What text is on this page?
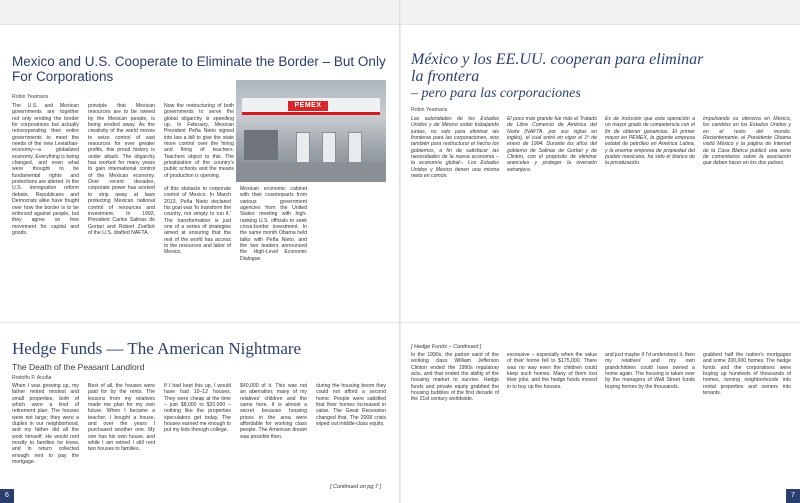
Mexico and U.S. Cooperate to Eliminate the Border – But Only For Corporations
Robin Yeamans
The U.S. and Mexican governments are together not only eroding the border for corporations but actually reincorporating their entire governments to meet the needs of the new Leviathan-economy—a globalized economy. Everything is being changed, and even what were thought to be fundamental rights and protections are altered. In the U.S. immigration reform debate, Republicans and Democrats alike have fought over how the border is to be enforced against people, but they agree on free movement for capital and goods.
principle that Mexican resources are to be owned by the Mexican people, is being eroded away. As the creativity of the world moves to seize control of vast resources for ever greater profits, this proud history is under attack. The oligarchy has worked for many years to gain international control of the Mexican economy. Over recent decades, corporate power has worked to strip away at laws protecting Mexican national control of resources and investment. In 1992, President Carlos Salinas de Gortari and Robert Zoellick of the U.S. drafted NAFTA.
Now the restructuring of both governments to serve the global oligarchy is speeding up. In February, Mexican President Peña Nieto signed into law a bill to give the state more control over the hiring and firing of teachers. Teachers object to this. The privatization of the country's public schools and the means of production is opening.
PEMEX
of this obstacle to corporate control of Mexico. In March 2013, Peña Nieto declared his goal was 'to transform the country, not simply to run it.' The transformation is just one of a series of strategies aimed at ensuring that the rest of the world has access to the resources and labor of Mexico.
Mexican economic cabinet with their counterparts from various government agencies from the United States meeting with high-ranking U.S. officials to seek cross-border investment. In the same month Obama held talks with Peña Nieto, and the two leaders announced the High-Level Economic Dialogue.
Hedge Funds — The American Nightmare
The Death of the Peasant Landlord
Rodolfo P. Acuña
When I was growing up, my father rented modest and small properties, both of which were a kind of retirement plan. The houses were not large; they were a duplex in our neighborhood, and my father did all the work himself. He would rent mostly to families he knew, and in return collected enough rent to pay the mortgage.
Best of all, the houses were paid for by the rents. The lessons from my relatives made me plan for my own future. When I became a teacher, I bought a house, and over the years I purchased another one. My son has his own house, and while I am retired I still rent two houses to families.
If I had kept this up, I would have had 10–12 houses. They were cheap at the time – just $8,000 to $20,000 – nothing like the properties speculators get today. The houses earned me enough to put my kids through college.
$40,000 of it. This was not an aberration; many of my relatives' children and the same here. It is almost a secret because housing prices in the area were affordable for working class people. The American dream was possible then.
during the housing boom they could not afford a second home. People were satisfied that their homes increased in value. The Great Recession changed that. The 2008 crisis wiped out middle-class equity.
[ Continued on pg 7 ]
6
México y los EE.UU. cooperan para eliminar
la frontera
– pero para las corporaciones
Robin Yeamans
Las autoridades de los Estados Unidos y de México están trabajando juntas, no solo para eliminar las fronteras para las corporaciones, sino también para restructurar el hecho los gobiernos, a fin de satisfacer las necesidades de la nueva economía –la economía global–. Los Estados Unidos y México tienen una misma meta en común.
El poco más grande fue más el Tratado de Libre Comercio de América del Norte (NAFTA, por sus siglas en inglés), el cual entró en vigor el 1º de enero de 1994. Durante los años del gobierno de Salinas de Gortari y de Clinton, con el propósito de eliminar aranceles y proteger la inversión extranjera.
Es de inclusión que esta operación a un mayor grado de competencia con el fin de obtener ganancias. El primer mayor en PEMEX, la gigante empresa estatal de petróleo en América Latina, y la enorme empresa de propiedad del pueblo mexicano, ha sido el blanco de la privatización.
Impulsando su ofensiva en México, los cambios en los Estados Unidos y en el resto del mundo. Recientemente, el Presidente Obama visitó México y la página de Internet de la Casa Blanca publicó una serie de comentarios sobre la asociación que deben hacer en los dos países.
[ Hedge Funds – Continued ]
In the 1990s, the patron saint of the working class William Jefferson Clinton ended the 1990s regulatory acts, and that ended the ability of the housing market to survive. Hedge funds and private equity grabbed the housing bubbles of the first decade of the 21st century worldwide.
excessive – especially when the value of their home fell to $175,000. There was no way even the children could keep such homes. Many of them lost their jobs, and the hedge funds moved in to buy up the houses.
and just maybe if I'd understood it, then my relatives' and my own grandchildren could have owned a home again. The housing is taken over by the managers of Wall Street funds buying homes by the thousands.
grabbed half the nation's mortgages and some 200,000 homes. The hedge funds and the corporations were buying up hundreds of thousands of homes, turning neighborhoods into rental properties and owners into tenants.
7
